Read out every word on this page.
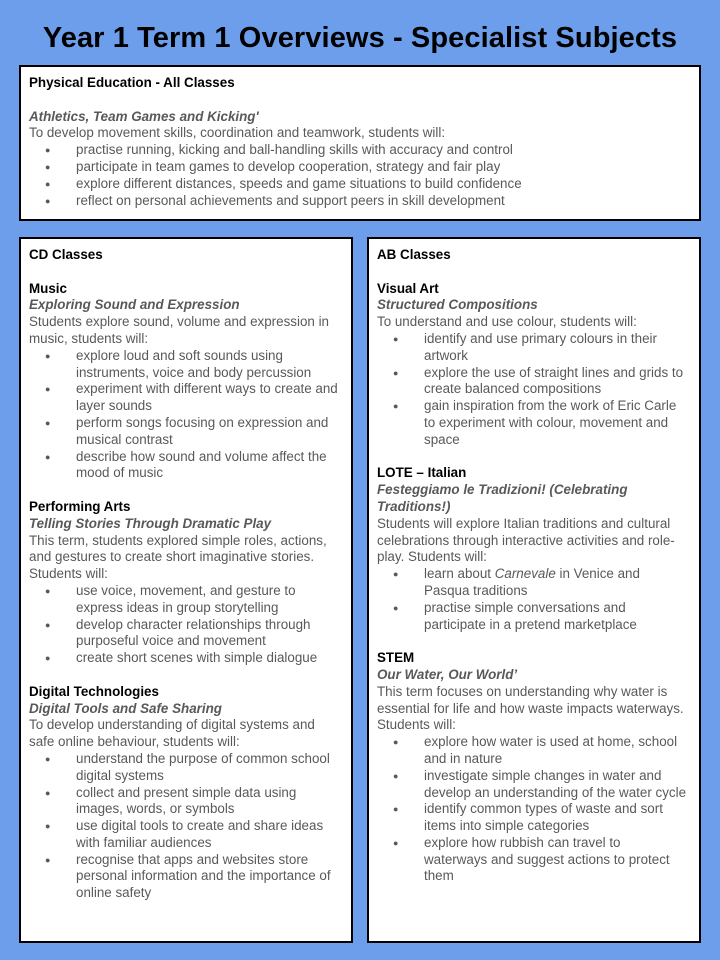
Year 1 Term 1 Overviews - Specialist Subjects
Physical Education - All Classes
Athletics, Team Games and Kicking'
To develop movement skills, coordination and teamwork, students will:
● practise running, kicking and ball-handling skills with accuracy and control
● participate in team games to develop cooperation, strategy and fair play
● explore different distances, speeds and game situations to build confidence
● reflect on personal achievements and support peers in skill development
CD Classes
Music
Exploring Sound and Expression
Students explore sound, volume and expression in music, students will:
● explore loud and soft sounds using instruments, voice and body percussion
● experiment with different ways to create and layer sounds
● perform songs focusing on expression and musical contrast
● describe how sound and volume affect the mood of music
Performing Arts
Telling Stories Through Dramatic Play
This term, students explored simple roles, actions, and gestures to create short imaginative stories.
Students will:
● use voice, movement, and gesture to express ideas in group storytelling
● develop character relationships through purposeful voice and movement
● create short scenes with simple dialogue
Digital Technologies
Digital Tools and Safe Sharing
To develop understanding of digital systems and safe online behaviour, students will:
● understand the purpose of common school digital systems
● collect and present simple data using images, words, or symbols
● use digital tools to create and share ideas with familiar audiences
● recognise that apps and websites store personal information and the importance of online safety
AB Classes
Visual Art
Structured Compositions
To understand and use colour, students will:
● identify and use primary colours in their artwork
● explore the use of straight lines and grids to create balanced compositions
● gain inspiration from the work of Eric Carle to experiment with colour, movement and space
LOTE – Italian
Festeggiamo le Tradizioni! (Celebrating Traditions!)
Students will explore Italian traditions and cultural celebrations through interactive activities and role-play. Students will:
● learn about Carnevale in Venice and Pasqua traditions
● practise simple conversations and participate in a pretend marketplace
STEM
Our Water, Our World’
This term focuses on understanding why water is essential for life and how waste impacts waterways.
Students will:
● explore how water is used at home, school and in nature
● investigate simple changes in water and develop an understanding of the water cycle
● identify common types of waste and sort items into simple categories
● explore how rubbish can travel to waterways and suggest actions to protect them
